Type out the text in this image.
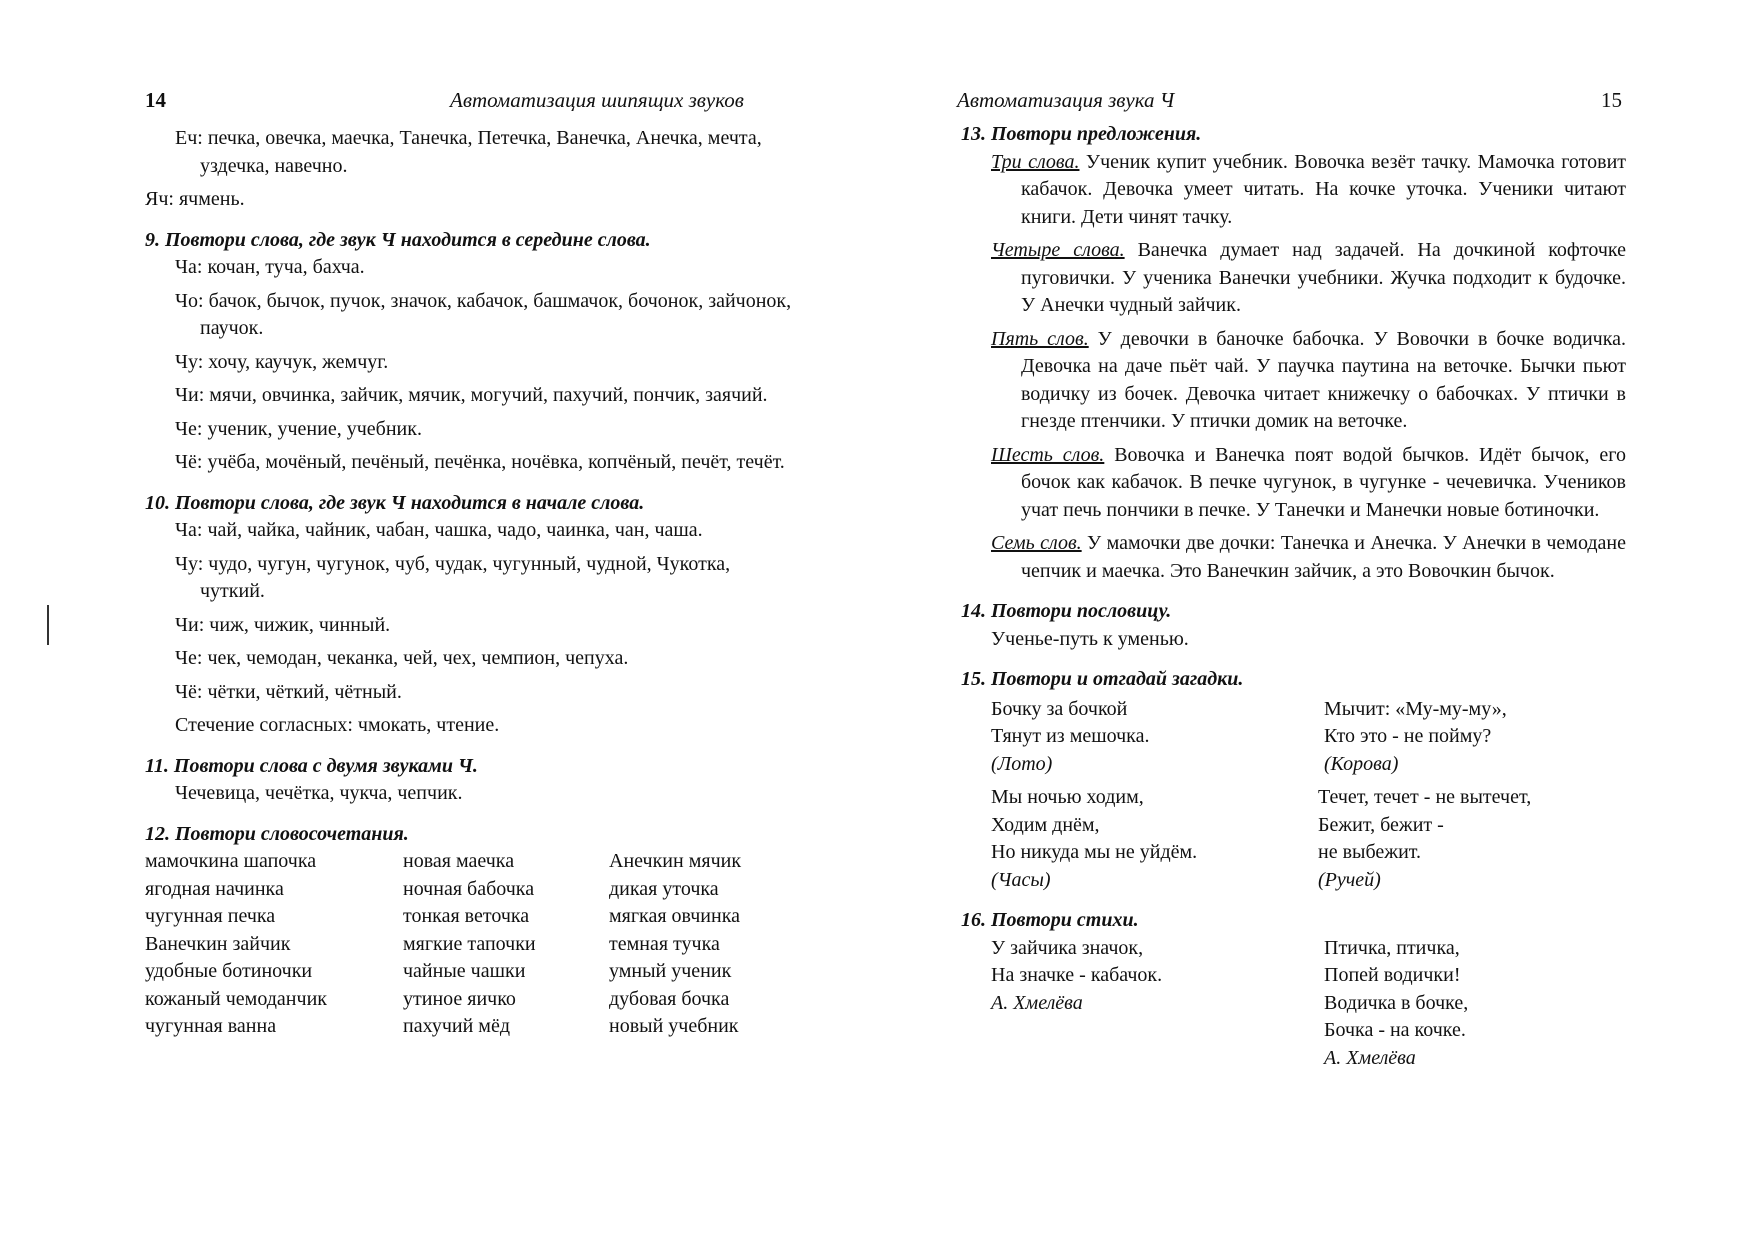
14	Автоматизация шипящих звуков
Еч: печка, овечка, маечка, Танечка, Петечка, Ванечка, Анечка, мечта, уздечка, навечно.
Яч: ячмень.
9. Повтори слова, где звук Ч находится в середине слова.
Ча: кочан, туча, бахча.
Чо: бачок, бычок, пучок, значок, кабачок, башмачок, бочонок, зайчонок, паучок.
Чу: хочу, каучук, жемчуг.
Чи: мячи, овчинка, зайчик, мячик, могучий, пахучий, пончик, заячий.
Че: ученик, учение, учебник.
Чё: учёба, мочёный, печёный, печёнка, ночёвка, копчёный, печёт, течёт.
10. Повтори слова, где звук Ч находится в начале слова.
Ча: чай, чайка, чайник, чабан, чашка, чадо, чаинка, чан, чаша.
Чу: чудо, чугун, чугунок, чуб, чудак, чугунный, чудной, Чукотка, чуткий.
Чи: чиж, чижик, чинный.
Че: чек, чемодан, чеканка, чей, чех, чемпион, чепуха.
Чё: чётки, чёткий, чётный.
Стечение согласных: чмокать, чтение.
11. Повтори слова с двумя звуками Ч.
Чечевица, чечётка, чукча, чепчик.
12. Повтори словосочетания.
мамочкина шапочка
ягодная начинка
чугунная печка
Ванечкин зайчик
удобные ботиночки
кожаный чемоданчик
чугунная ванна
новая маечка
ночная бабочка
тонкая веточка
мягкие тапочки
чайные чашки
утиное яичко
пахучий мёд
Анечкин мячик
дикая уточка
мягкая овчинка
темная тучка
умный ученик
дубовая бочка
новый учебник
Автоматизация звука Ч	15
13. Повтори предложения.
Три слова. Ученик купит учебник. Вовочка везёт тачку. Мамочка готовит кабачок. Девочка умеет читать. На кочке уточка. Ученики читают книги. Дети чинят тачку.
Четыре слова. Ванечка думает над задачей. На дочкиной кофточке пуговички. У ученика Ванечки учебники. Жучка подходит к будочке. У Анечки чудный зайчик.
Пять слов. У девочки в баночке бабочка. У Вовочки в бочке водичка. Девочка на даче пьёт чай. У паучка паутина на веточке. Бычки пьют водичку из бочек. Девочка читает книжечку о бабочках. У птички в гнезде птенчики. У птички домик на веточке.
Шесть слов. Вовочка и Ванечка поят водой бычков. Идёт бычок, его бочок как кабачок. В печке чугунок, в чугунке - чечевичка. Учеников учат печь пончики в печке. У Танечки и Манечки новые ботиночки.
Семь слов. У мамочки две дочки: Танечка и Анечка. У Анечки в чемодане чепчик и маечка. Это Ванечкин зайчик, а это Вовочкин бычок.
14. Повтори пословицу.
Ученье-путь к уменью.
15. Повтори и отгадай загадки.
Бочку за бочкой
Тянут из мешочка.
(Лото)
Мычит: «Му-му-му»,
Кто это - не пойму?
(Корова)
Мы ночью ходим,
Ходим днём,
Но никуда мы не уйдём.
(Часы)
Течет, течет - не вытечет,
Бежит, бежит -
не выбежит.
(Ручей)
16. Повтори стихи.
У зайчика значок,
На значке - кабачок.
А. Хмелёва
Птичка, птичка,
Попей водички!
Водичка в бочке,
Бочка - на кочке.
А. Хмелёва
